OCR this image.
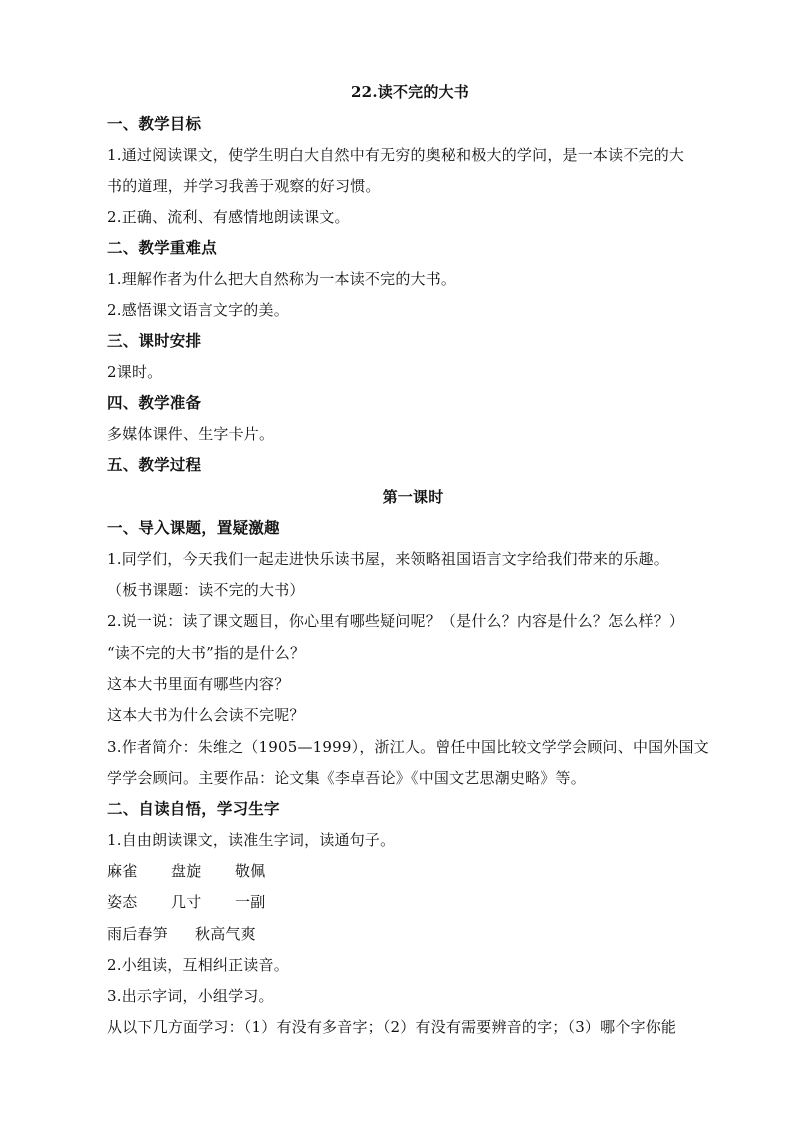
22.读不完的大书
一、教学目标
1.通过阅读课文，使学生明白大自然中有无穷的奥秘和极大的学问，是一本读不完的大
书的道理，并学习我善于观察的好习惯。
2.正确、流利、有感情地朗读课文。
二、教学重难点
1.理解作者为什么把大自然称为一本读不完的大书。
2.感悟课文语言文字的美。
三、课时安排
2课时。
四、教学准备
多媒体课件、生字卡片。
五、教学过程
第一课时
一、导入课题，置疑激趣
1.同学们，今天我们一起走进快乐读书屋，来领略祖国语言文字给我们带来的乐趣。
（板书课题：读不完的大书）
2.说一说：读了课文题目，你心里有哪些疑问呢？（是什么？内容是什么？怎么样？）
“读不完的大书”指的是什么？
这本大书里面有哪些内容？
这本大书为什么会读不完呢？
3.作者简介：朱维之（1905—1999），浙江人。曾任中国比较文学学会顾问、中国外国文
学学会顾问。主要作品：论文集《李卓吾论》《中国文艺思潮史略》等。
二、自读自悟，学习生字
1.自由朗读课文，读准生字词，读通句子。
麻雀 盘旋 敬佩
姿态 几寸 一副
雨后春笋 秋高气爽
2.小组读，互相纠正读音。
3.出示字词，小组学习。
从以下几方面学习：（1）有没有多音字；（2）有没有需要辨音的字；（3）哪个字你能
